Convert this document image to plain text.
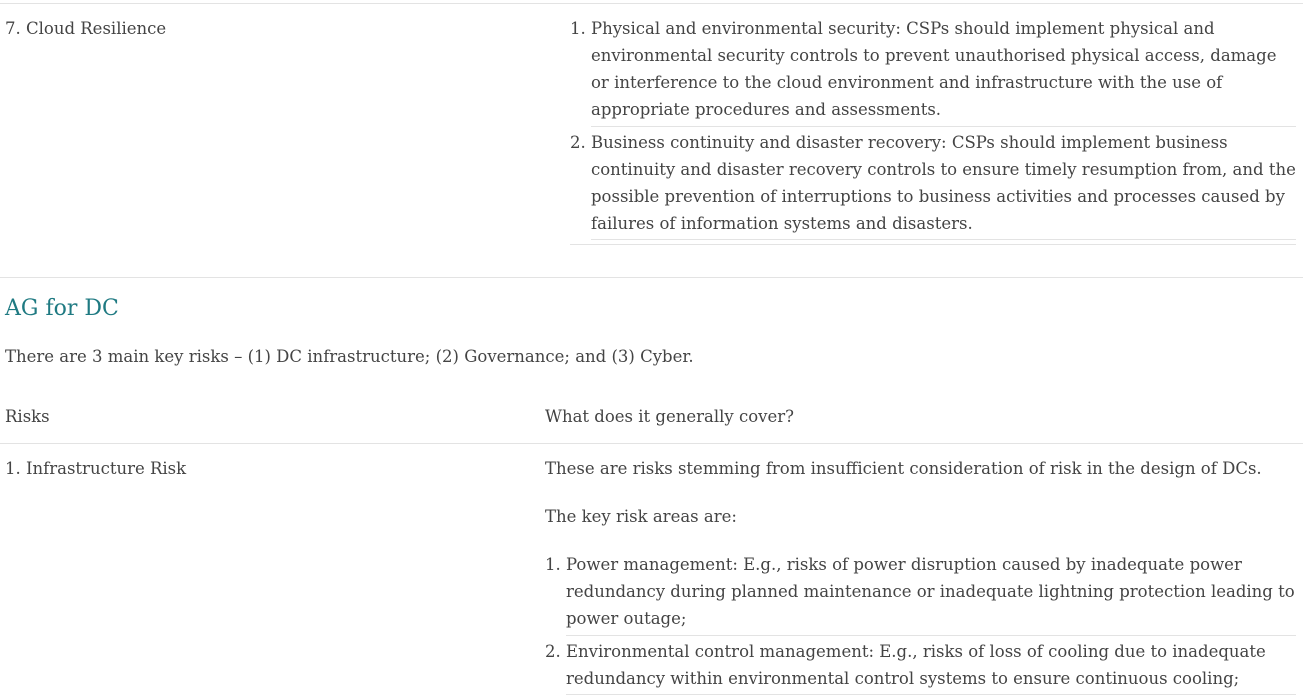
7. Cloud Resilience	1. Physical and environmental security: CSPs should implement physical and environmental security controls to prevent unauthorised physical access, damage or interference to the cloud environment and infrastructure with the use of appropriate procedures and assessments.
2. Business continuity and disaster recovery: CSPs should implement business continuity and disaster recovery controls to ensure timely resumption from, and the possible prevention of interruptions to business activities and processes caused by failures of information systems and disasters.
AG for DC
There are 3 main key risks – (1) DC infrastructure; (2) Governance; and (3) Cyber.
Risks	What does it generally cover?
1. Infrastructure Risk	These are risks stemming from insufficient consideration of risk in the design of DCs.
The key risk areas are:
1. Power management: E.g., risks of power disruption caused by inadequate power redundancy during planned maintenance or inadequate lightning protection leading to power outage;
2. Environmental control management: E.g., risks of loss of cooling due to inadequate redundancy within environmental control systems to ensure continuous cooling;
